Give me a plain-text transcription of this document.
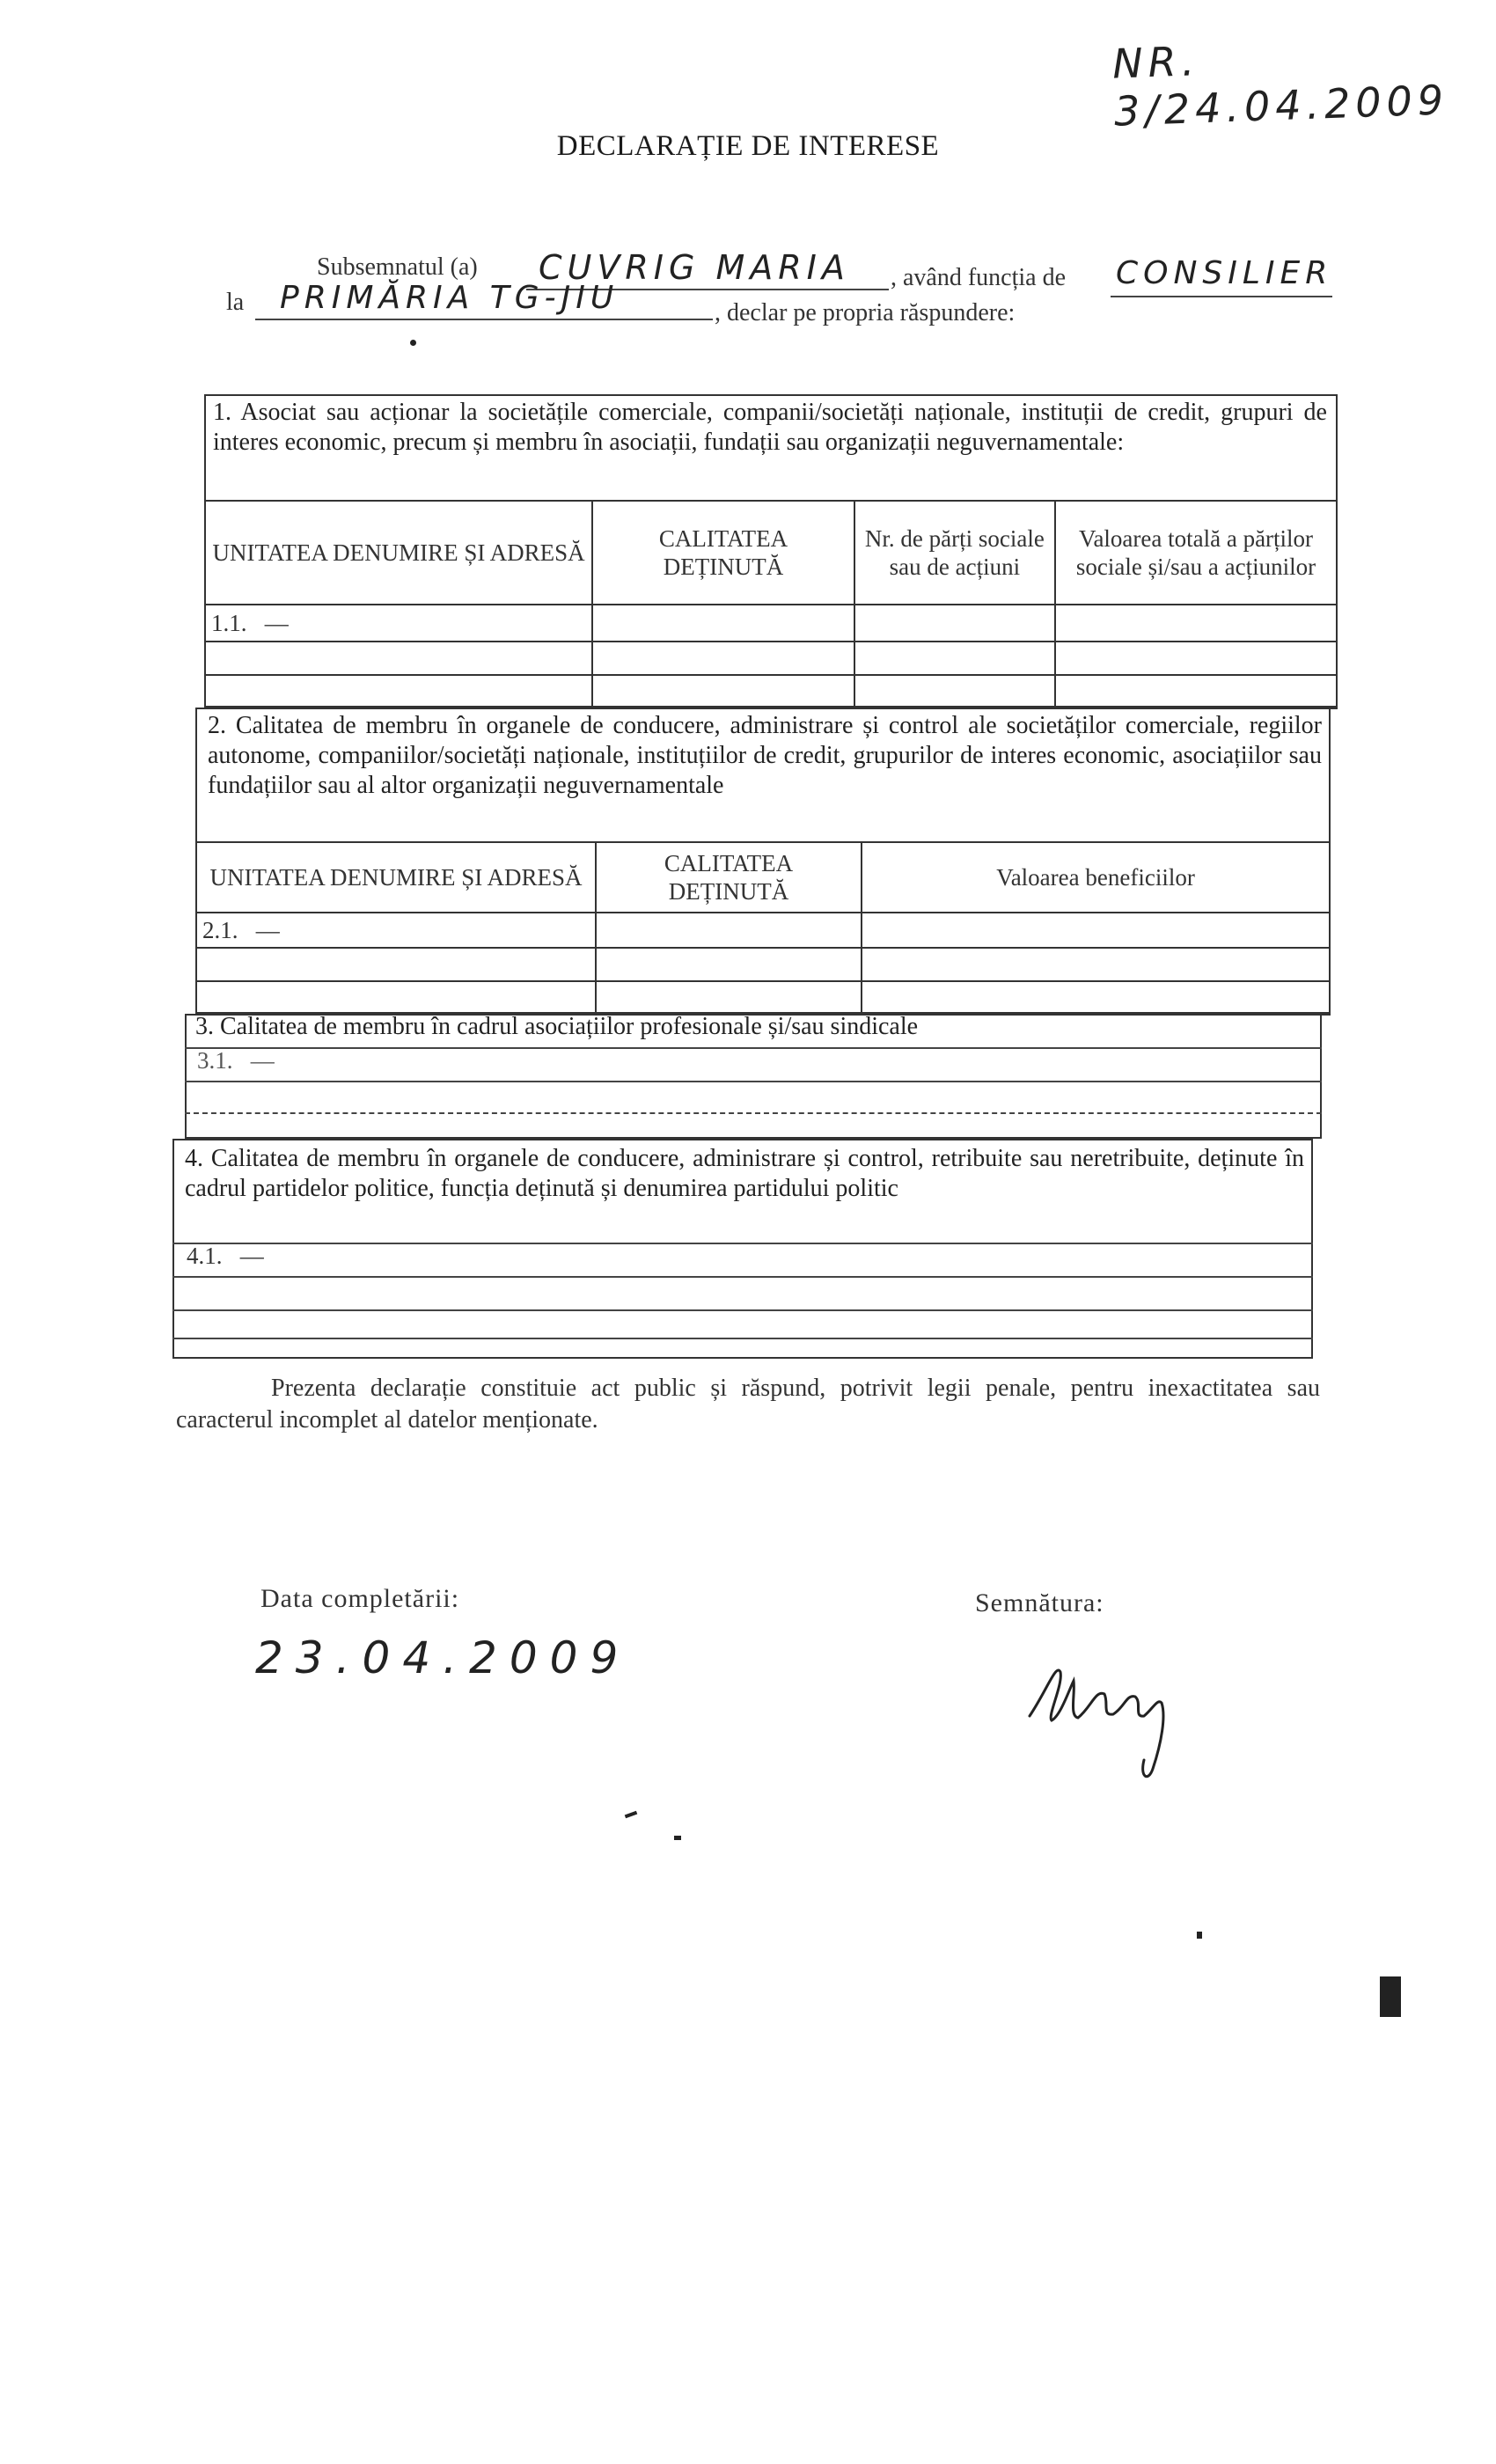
NR. 3/24.04.2009
DECLARAȚIE DE INTERESE
Subsemnatul (a) CUVRIG MARIA , având funcția de CONSILIER
la PRIMĂRIA TG-JIU	, declar pe propria răspundere:
1. Asociat sau acționar la societățile comerciale, companii/societăți naționale, instituții de credit, grupuri de interes economic, precum și membru în asociații, fundații sau organizații neguvernamentale:
UNITATEA DENUMIRE ȘI ADRESĂ	CALITATEA DEȚINUTĂ	Nr. de părți sociale sau de acțiuni	Valoarea totală a părților sociale și/sau a acțiunilor
1.1. —			

2. Calitatea de membru în organele de conducere, administrare și control ale societăților comerciale, regiilor autonome, companiilor/societăți naționale, instituțiilor de credit, grupurilor de interes economic, asociațiilor sau fundațiilor sau al altor organizații neguvernamentale
UNITATEA DENUMIRE ȘI ADRESĂ	CALITATEA DEȚINUTĂ	Valoarea beneficiilor
2.1. —		

3. Calitatea de membru în cadrul asociațiilor profesionale și/sau sindicale
3.1. —
4. Calitatea de membru în organele de conducere, administrare și control, retribuite sau neretribuite, deținute în cadrul partidelor politice, funcția deținută și denumirea partidului politic
4.1. —
Prezenta declarație constituie act public și răspund, potrivit legii penale, pentru inexactitatea sau caracterul incomplet al datelor menționate.
Data completării:
23.04.2009
Semnătura:
